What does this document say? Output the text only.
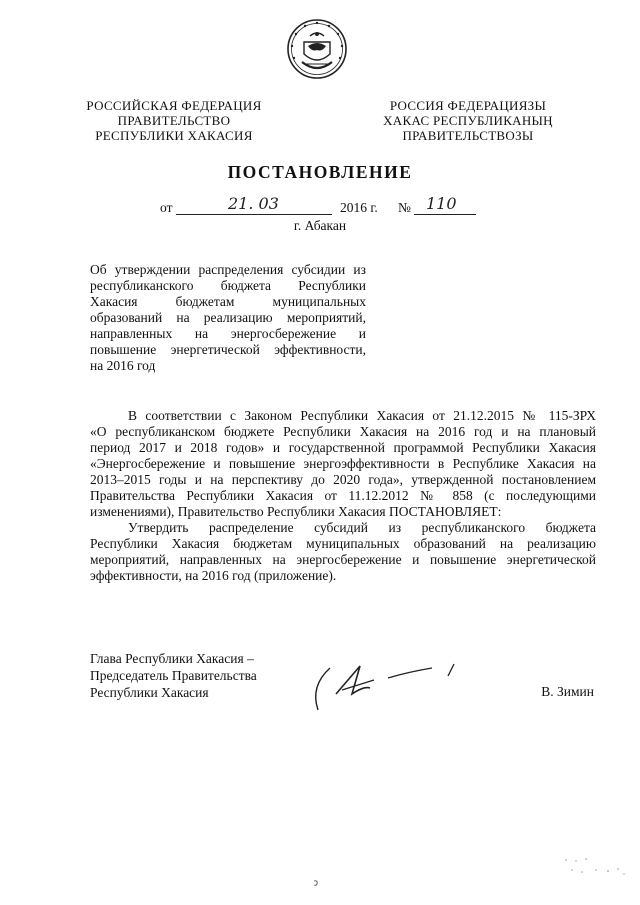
РОССИЙСКАЯ ФЕДЕРАЦИЯ
ПРАВИТЕЛЬСТВО
РЕСПУБЛИКИ ХАКАСИЯ
РОССИЯ ФЕДЕРАЦИЯЗЫ
ХАКАС РЕСПУБЛИКАНЫҢ
ПРАВИТЕЛЬСТВОЗЫ
ПОСТАНОВЛЕНИЕ
от	21. 03	2016 г. № 110
г. Абакан
Об утверждении распределения субсидии из
республиканского бюджета Республики
Хакасия бюджетам муниципальных
образований на реализацию мероприятий,
направленных на энергосбережение и
повышение энергетической эффективности,
на 2016 год
В соответствии с Законом Республики Хакасия от 21.12.2015 № 115-ЗРХ
«О республиканском бюджете Республики Хакасия на 2016 год и на плановый
период 2017 и 2018 годов» и государственной программой Республики Хакасия
«Энергосбережение и повышение энергоэффективности в Республике Хакасия на
2013–2015 годы и на перспективу до 2020 года», утвержденной постановлением
Правительства Республики Хакасия от 11.12.2012 № 858 (с последующими
изменениями), Правительство Республики Хакасия ПОСТАНОВЛЯЕТ:
Утвердить распределение субсидий из республиканского бюджета
Республики Хакасия бюджетам муниципальных образований на реализацию
мероприятий, направленных на энергосбережение и повышение энергетической
эффективности, на 2016 год (приложение).
Глава Республики Хакасия –
Председатель Правительства
Республики Хакасия	В. Зимин
